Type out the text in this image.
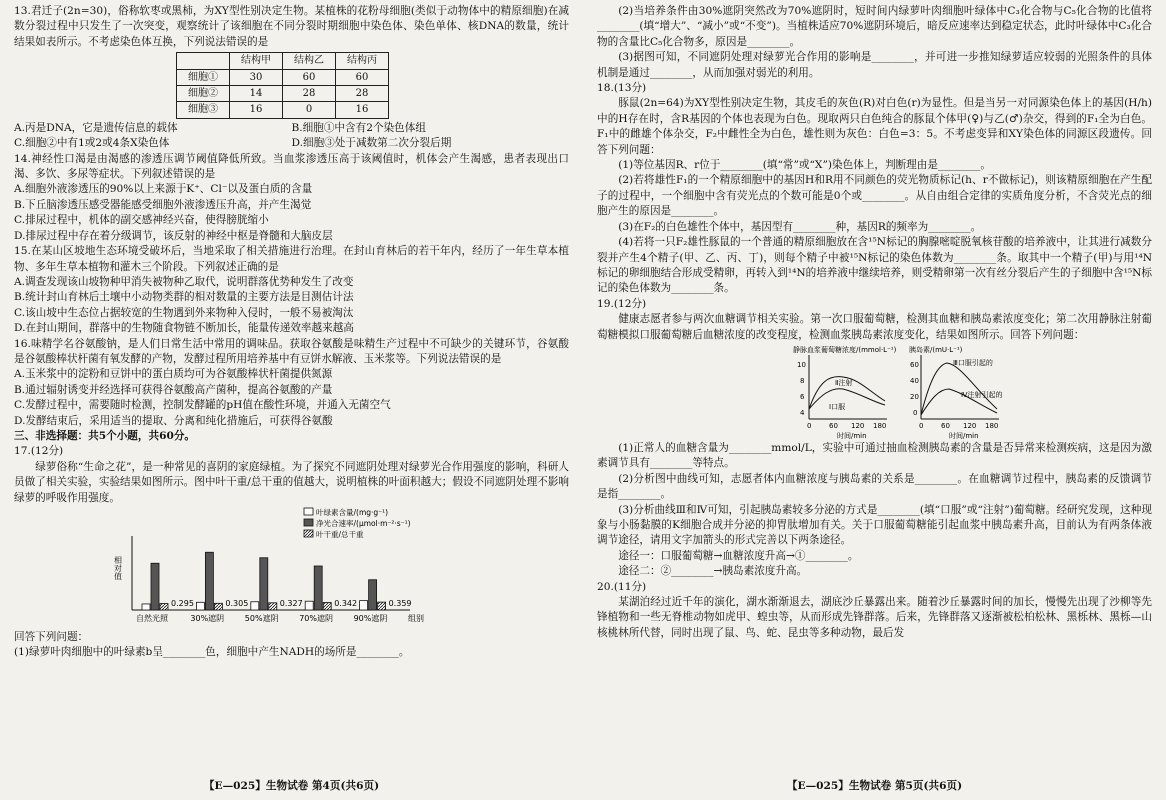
13.君迁子(2n=30)，俗称软枣或黑柿，为XY型性别决定生物。某植株的花粉母细胞(类似于动物体中的精原细胞)在减数分裂过程中只发生了一次突变，观察统计了该细胞在不同分裂时期细胞中染色体、染色单体、核DNA的数量，统计结果如表所示。不考虑染色体互换，下列说法错误的是

	结构甲	结构乙	结构丙
细胞①	30	60	60
细胞②	14	28	28
细胞③	16	0	16
A.丙是DNA，它是遗传信息的载体	B.细胞①中含有2个染色体组
C.细胞②中有1或2或4条X染色体	D.细胞③处于减数第二次分裂后期

14.神经性口渴是由渴感的渗透压调节阈值降低所致。当血浆渗透压高于该阈值时，机体会产生渴感，患者表现出口渴、多饮、多尿等症状。下列叙述错误的是

A.细胞外液渗透压的90%以上来源于K⁺、Cl⁻以及蛋白质的含量
B.下丘脑渗透压感受器能感受细胞外液渗透压升高，并产生渴觉
C.排尿过程中，机体的副交感神经兴奋，使得膀胱缩小
D.排尿过程中存在着分级调节，该反射的神经中枢是脊髓和大脑皮层

15.在某山区坡地生态环境受破坏后，当地采取了相关措施进行治理。在封山育林后的若干年内，经历了一年生草本植物、多年生草本植物和灌木三个阶段。下列叙述正确的是

A.调查发现该山坡物种甲消失被物种乙取代，说明群落优势种发生了改变
B.统计封山育林后土壤中小动物类群的相对数量的主要方法是目测估计法
C.该山坡中生态位占据较宽的生物遇到外来物种入侵时，一般不易被淘汰
D.在封山期间，群落中的生物随食物链不断加长，能量传递效率越来越高

16.味精学名谷氨酸钠，是人们日常生活中常用的调味品。获取谷氨酸是味精生产过程中不可缺少的关键环节，谷氨酸是谷氨酸棒状杆菌有氧发酵的产物，发酵过程所用培养基中有豆饼水解液、玉米浆等。下列说法错误的是

A.玉米浆中的淀粉和豆饼中的蛋白质均可为谷氨酸棒状杆菌提供氮源
B.通过辐射诱变并经选择可获得谷氨酸高产菌种，提高谷氨酸的产量
C.发酵过程中，需要随时检测，控制发酵罐的pH值在酸性环境，并通入无菌空气
D.发酵结束后，采用适当的提取、分离和纯化措施后，可获得谷氨酸
三、非选择题：共5个小题，共60分。
17.(12分)

绿萝俗称“生命之花”，是一种常见的喜阴的家庭绿植。为了探究不同遮阴处理对绿萝光合作用强度的影响，科研人员做了相关实验，实验结果如图所示。图中叶干重/总干重的值越大，说明植株的叶面积越大；假设不同遮阴处理不影响绿萝的呼吸作用强度。

相对值
叶绿素含量/(mg·g⁻¹)
净光合速率/(μmol·m⁻²·s⁻¹)
叶干重/总干重
0.295
自然光照
0.305
30%遮阴
0.327
50%遮阴
0.342
70%遮阴
0.359
90%遮阴	组别
回答下列问题：
(1)绿萝叶肉细胞中的叶绿素b呈________色，细胞中产生NADH的场所是________。
【E—025】生物试卷 第4页(共6页)

(2)当培养条件由30%遮阴突然改为70%遮阴时，短时间内绿萝叶肉细胞叶绿体中C₃化合物与C₅化合物的比值将________(填“增大”、“减小”或“不变”)。当植株适应70%遮阴环境后，暗反应速率达到稳定状态，此时叶绿体中C₃化合物的含量比C₅化合物多，原因是________。

(3)据图可知，不同遮阴处理对绿萝光合作用的影响是________，并可进一步推知绿萝适应较弱的光照条件的具体机制是通过________，从而加强对弱光的利用。

18.(13分)

豚鼠(2n=64)为XY型性别决定生物，其皮毛的灰色(R)对白色(r)为显性。但是当另一对同源染色体上的基因(H/h)中的H存在时，含R基因的个体也表现为白色。现取两只白色纯合的豚鼠个体甲(♀)与乙(♂)杂交，得到的F₁全为白色。F₁中的雌雄个体杂交，F₂中雌性全为白色，雄性则为灰色：白色=3：5。不考虑变异和XY染色体的同源区段遗传。回答下列问题：

(1)等位基因R、r位于________(填“常”或“X”)染色体上，判断理由是________。

(2)若将雄性F₁的一个精原细胞中的基因H和R用不同颜色的荧光物质标记(h、r不做标记)，则该精原细胞在产生配子的过程中，一个细胞中含有荧光点的个数可能是0个或________。从自由组合定律的实质角度分析，不含荧光点的细胞产生的原因是________。

(3)在F₂的白色雄性个体中，基因型有________种，基因R的频率为________。

(4)若将一只F₂雄性豚鼠的一个普通的精原细胞放在含¹⁵N标记的胸腺嘧啶脱氧核苷酸的培养液中，让其进行减数分裂并产生4个精子(甲、乙、丙、丁)，则每个精子中被¹⁵N标记的染色体数为________条。取其中一个精子(甲)与用¹⁴N标记的卵细胞结合形成受精卵，再转入到¹⁴N的培养液中继续培养，则受精卵第一次有丝分裂后产生的子细胞中含¹⁵N标记的染色体数为________条。

19.(12分)

健康志愿者参与两次血糖调节相关实验。第一次口服葡萄糖，检测其血糖和胰岛素浓度变化；第二次用静脉注射葡萄糖模拟口服葡萄糖后血糖浓度的改变程度，检测血浆胰岛素浓度变化，结果如图所示。回答下列问题：

静脉血浆葡萄糖浓度/(mmol·L⁻¹)
10
8
6
4
Ⅱ注射
Ⅰ口服
0	60 120 180
时间/min
胰岛素/(mU·L⁻¹)
60
40
20
0
Ⅲ口服引起的
Ⅳ注射引起的
0	60 120 180
时间/min

(1)正常人的血糖含量为________mmol/L，实验中可通过抽血检测胰岛素的含量是否异常来检测疾病，这是因为激素调节具有________等特点。

(2)分析图中曲线可知，志愿者体内血糖浓度与胰岛素的关系是________。在血糖调节过程中，胰岛素的反馈调节是指________。

(3)分析曲线Ⅲ和Ⅳ可知，引起胰岛素较多分泌的方式是________(填“口服”或“注射”)葡萄糖。经研究发现，这种现象与小肠黏膜的K细胞合成并分泌的抑胃肽增加有关。关于口服葡萄糖能引起血浆中胰岛素升高，目前认为有两条体液调节途径，请用文字加箭头的形式完善以下两条途径。

途径一：口服葡萄糖→血糖浓度升高→①________。
途径二：②________→胰岛素浓度升高。
20.(11分)

某湖泊经过近千年的演化，湖水渐渐退去，湖底沙丘暴露出来。随着沙丘暴露时间的加长，慢慢先出现了沙柳等先锋植物和一些无脊椎动物如虎甲、蝗虫等，从而形成先锋群落。后来，先锋群落又逐渐被松柏松林、黑栎林、黑栎—山核桃林所代替，同时出现了鼠、鸟、蛇、昆虫等多种动物，最后发

【E—025】生物试卷 第5页(共6页)
